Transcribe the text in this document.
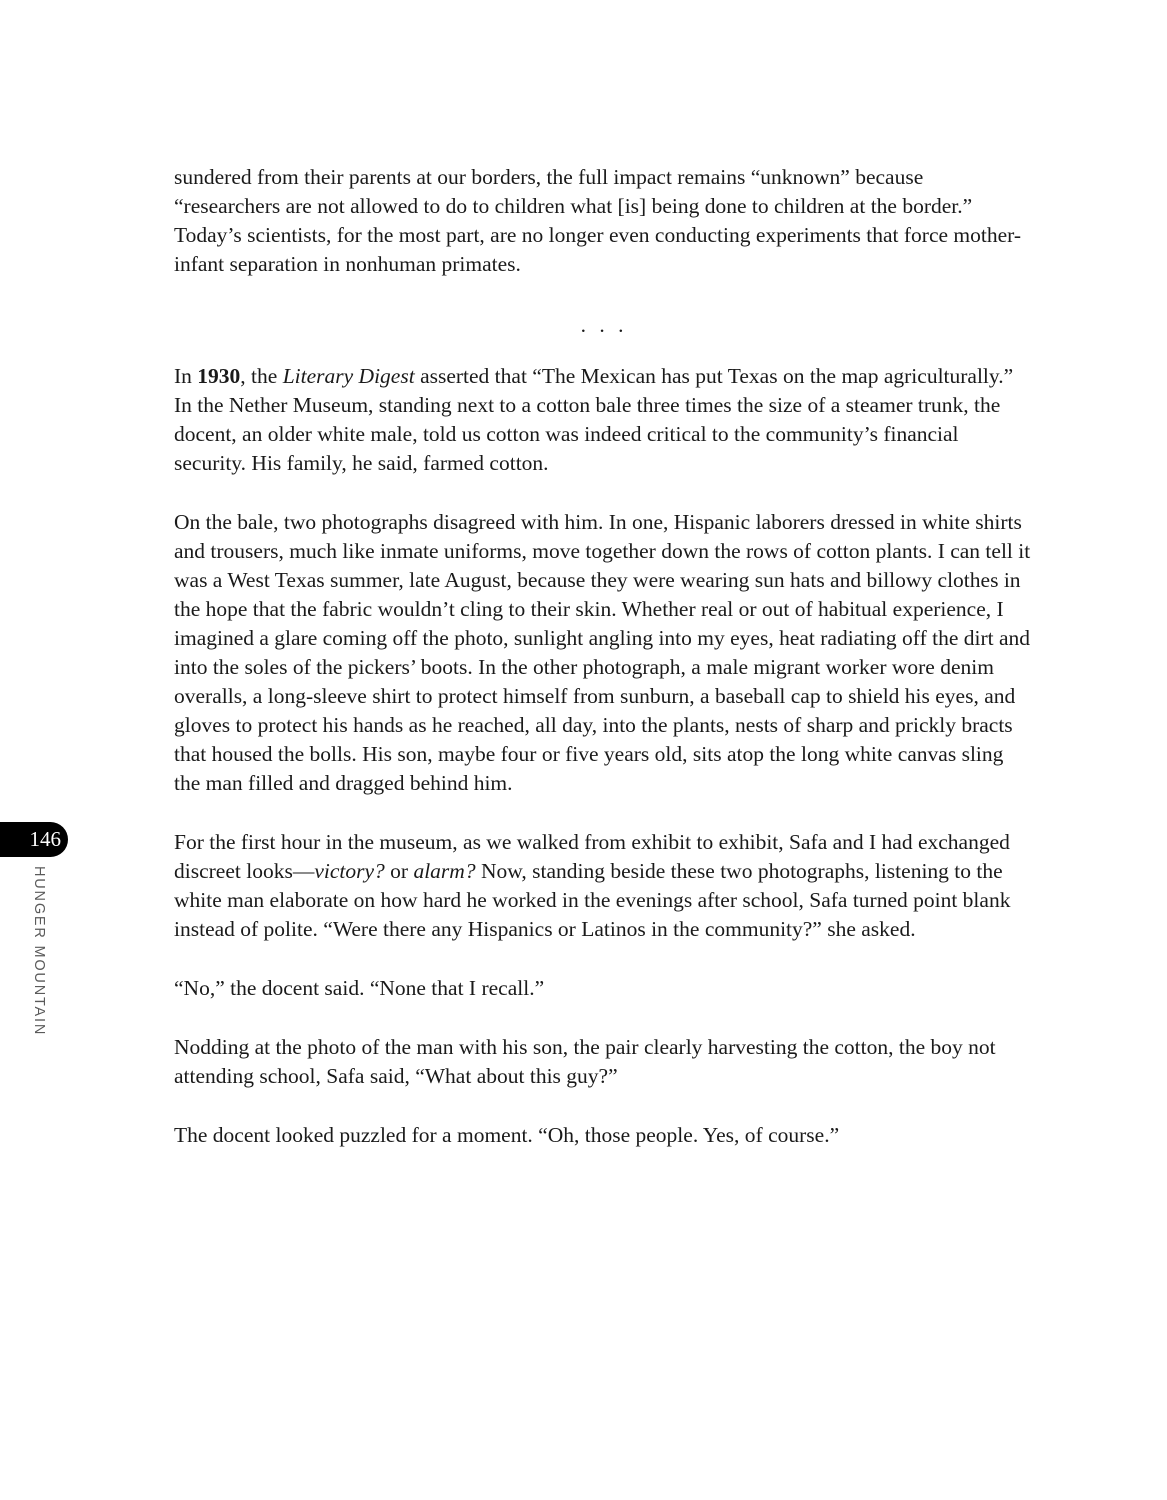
146
HUNGER MOUNTAIN

sundered from their parents at our borders, the full impact remains “unknown” because “researchers are not allowed to do to children what [is] being done to children at the border.” Today’s scientists, for the most part, are no longer even conducting experiments that force mother-infant separation in nonhuman primates.

. . .

In 1930, the Literary Digest asserted that “The Mexican has put Texas on the map agriculturally.” In the Nether Museum, standing next to a cotton bale three times the size of a steamer trunk, the docent, an older white male, told us cotton was indeed critical to the community’s financial security. His family, he said, farmed cotton.

On the bale, two photographs disagreed with him. In one, Hispanic laborers dressed in white shirts and trousers, much like inmate uniforms, move together down the rows of cotton plants. I can tell it was a West Texas summer, late August, because they were wearing sun hats and billowy clothes in the hope that the fabric wouldn’t cling to their skin. Whether real or out of habitual experience, I imagined a glare coming off the photo, sunlight angling into my eyes, heat radiating off the dirt and into the soles of the pickers’ boots. In the other photograph, a male migrant worker wore denim overalls, a long-sleeve shirt to protect himself from sunburn, a baseball cap to shield his eyes, and gloves to protect his hands as he reached, all day, into the plants, nests of sharp and prickly bracts that housed the bolls. His son, maybe four or five years old, sits atop the long white canvas sling the man filled and dragged behind him.

For the first hour in the museum, as we walked from exhibit to exhibit, Safa and I had exchanged discreet looks—victory? or alarm? Now, standing beside these two photographs, listening to the white man elaborate on how hard he worked in the evenings after school, Safa turned point blank instead of polite. “Were there any Hispanics or Latinos in the community?” she asked.

“No,” the docent said. “None that I recall.”

Nodding at the photo of the man with his son, the pair clearly harvesting the cotton, the boy not attending school, Safa said, “What about this guy?”

The docent looked puzzled for a moment. “Oh, those people. Yes, of course.”
